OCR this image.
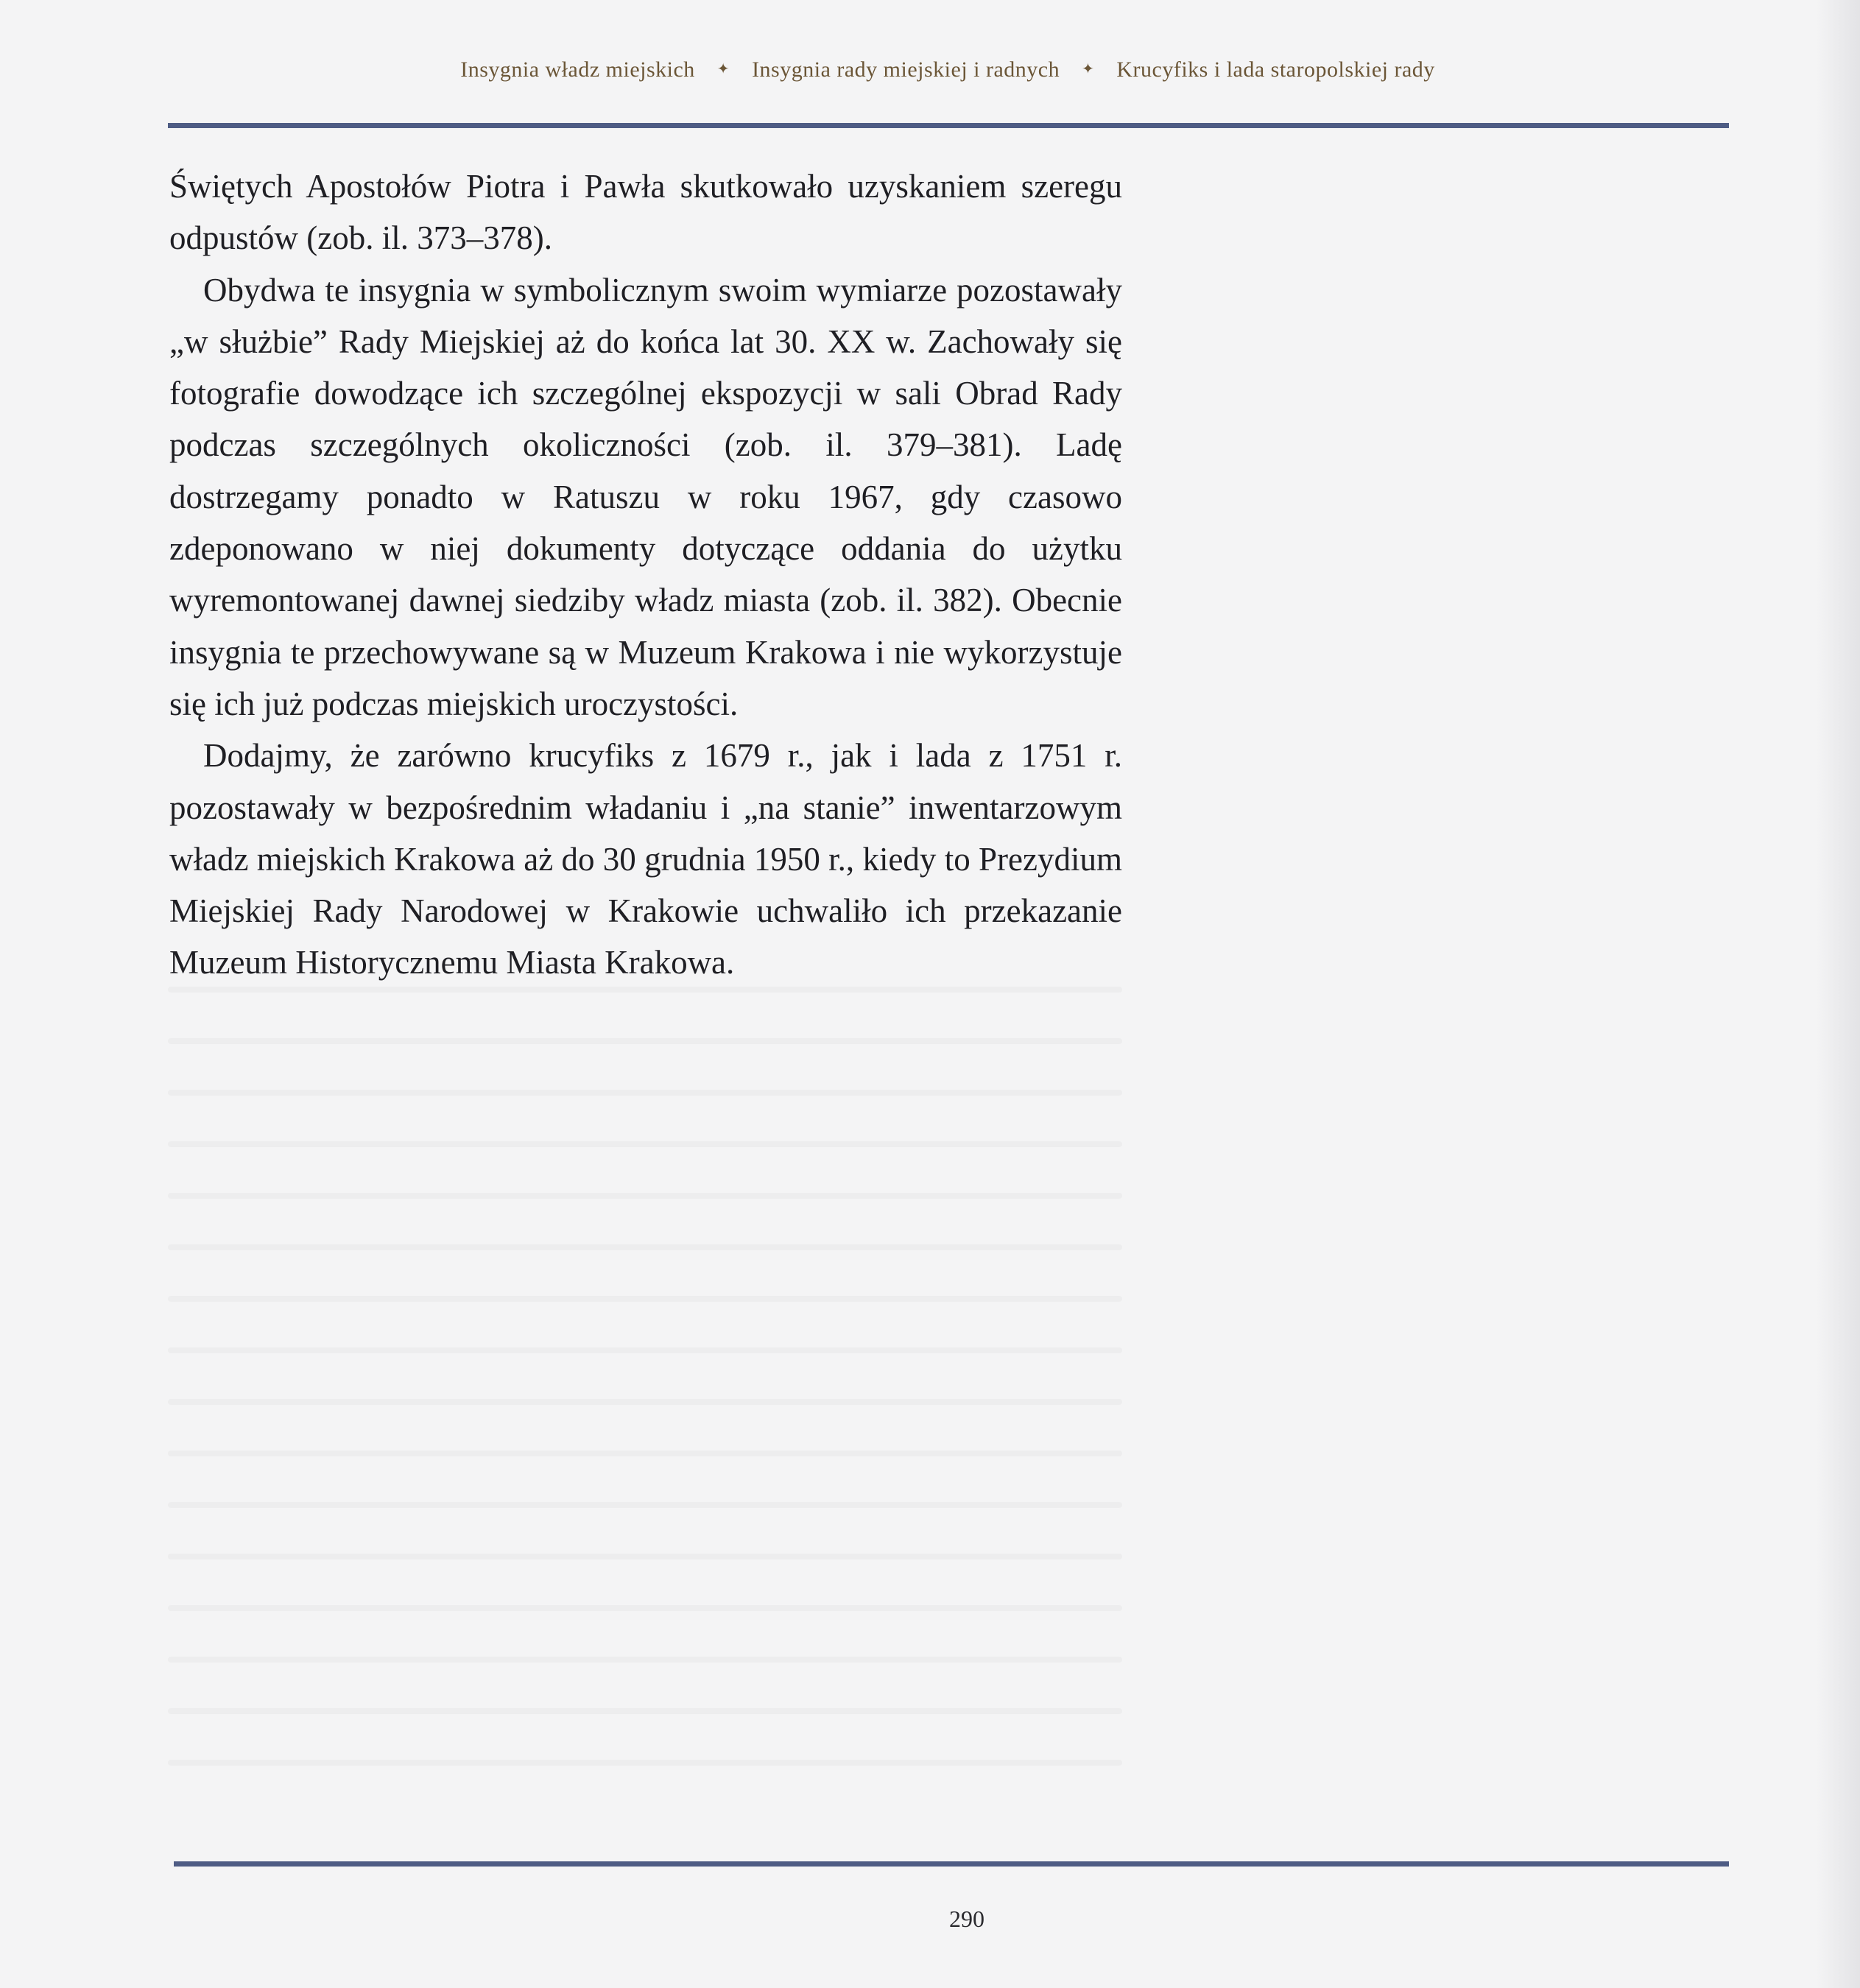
Insygnia władz miejskich ✦ Insygnia rady miejskiej i radnych ✦ Krucyfiks i lada staropolskiej rady

Świętych Apostołów Piotra i Pawła skutkowało uzyskaniem szeregu odpustów (zob. il. 373–378).

Obydwa te insygnia w symbolicznym swoim wymiarze pozostawały „w służbie” Rady Miejskiej aż do końca lat 30. XX w. Zachowały się fotografie dowodzące ich szczególnej ekspozycji w sali Obrad Rady podczas szczególnych okoliczności (zob. il. 379–381). Ladę dostrzegamy ponadto w Ratuszu w roku 1967, gdy czasowo zdeponowano w niej dokumenty dotyczące oddania do użytku wyremontowanej dawnej siedziby władz miasta (zob. il. 382). Obecnie insygnia te przechowywane są w Muzeum Krakowa i nie wykorzystuje się ich już podczas miejskich uroczystości.

Dodajmy, że zarówno krucyfiks z 1679 r., jak i lada z 1751 r. pozostawały w bezpośrednim władaniu i „na stanie” inwentarzowym władz miejskich Krakowa aż do 30 grudnia 1950 r., kiedy to Prezydium Miejskiej Rady Narodowej w Krakowie uchwaliło ich przekazanie Muzeum Historycznemu Miasta Krakowa.

290
